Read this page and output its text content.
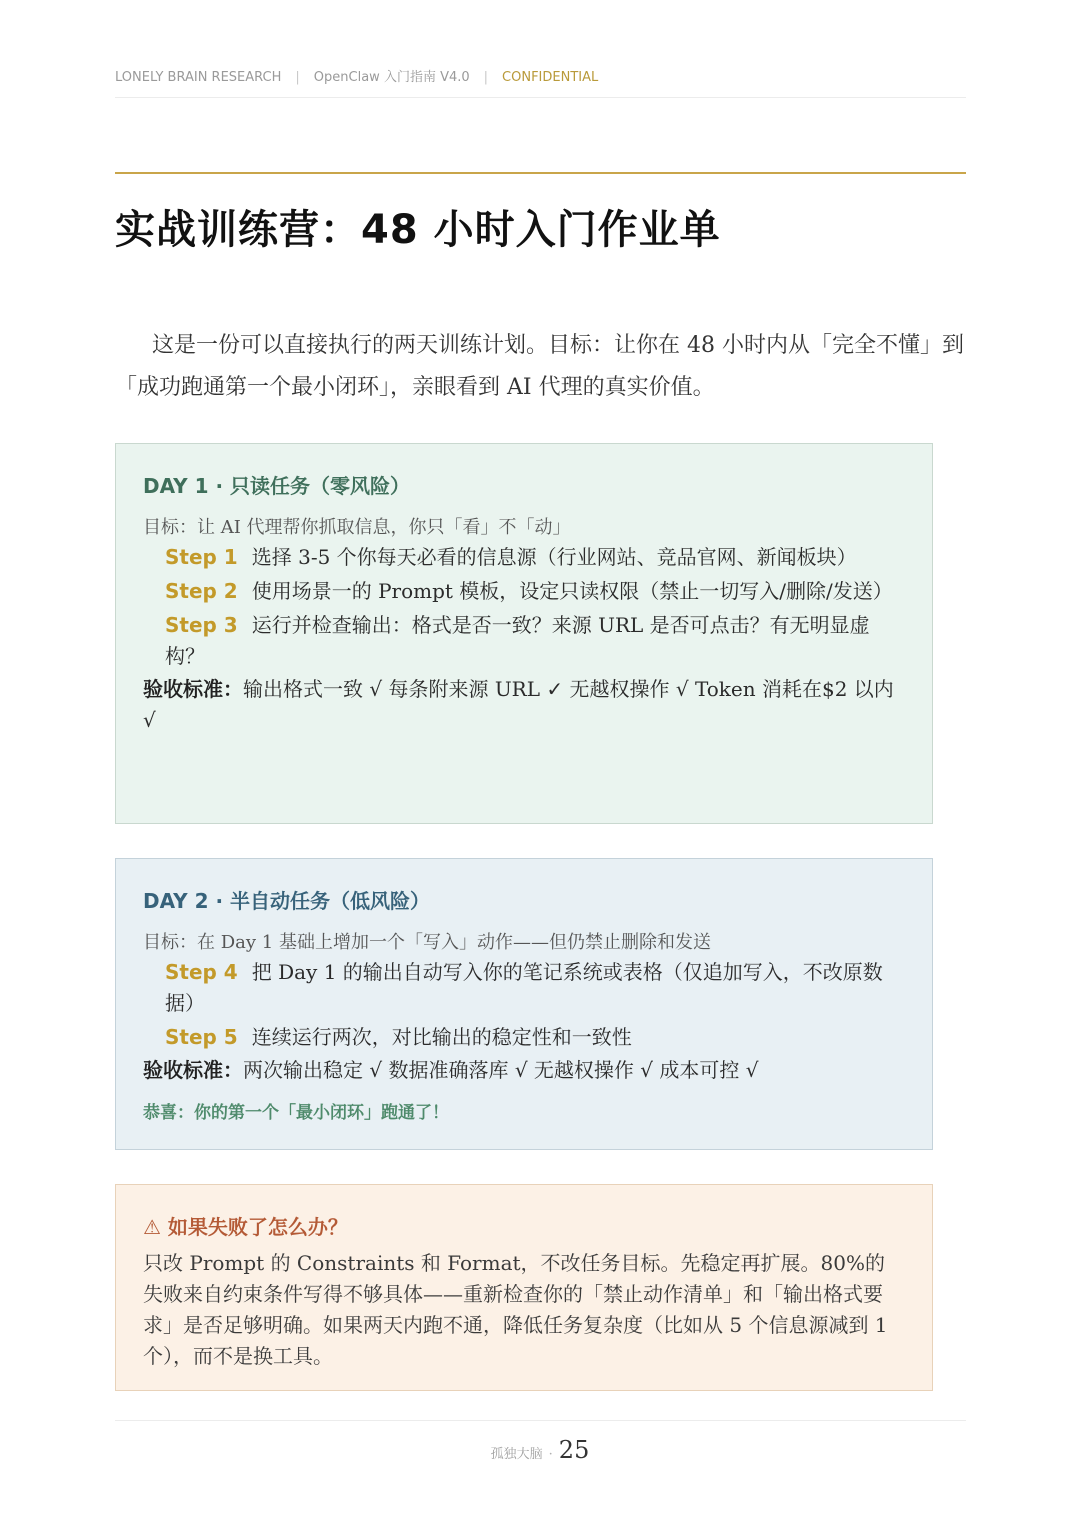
LONELY BRAIN RESEARCH | OpenClaw 入门指南 V4.0 | CONFIDENTIAL
实战训练营：48 小时入门作业单
这是一份可以直接执行的两天训练计划。目标：让你在 48 小时内从「完全不懂」到「成功跑通第一个最小闭环」，亲眼看到 AI 代理的真实价值。
DAY 1 · 只读任务（零风险）
目标：让 AI 代理帮你抓取信息，你只「看」不「动」
Step 1 选择 3-5 个你每天必看的信息源（行业网站、竞品官网、新闻板块）
Step 2 使用场景一的 Prompt 模板，设定只读权限（禁止一切写入/删除/发送）
Step 3 运行并检查输出：格式是否一致？来源 URL 是否可点击？有无明显虚构？
验收标准：输出格式一致 √ 每条附来源 URL ✓ 无越权操作 √ Token 消耗在$2 以内 √
DAY 2 · 半自动任务（低风险）
目标：在 Day 1 基础上增加一个「写入」动作——但仍禁止删除和发送
Step 4 把 Day 1 的输出自动写入你的笔记系统或表格（仅追加写入，不改原数据）
Step 5 连续运行两次，对比输出的稳定性和一致性
验收标准：两次输出稳定 √ 数据准确落库 √ 无越权操作 √ 成本可控 √
恭喜：你的第一个「最小闭环」跑通了！
⚠ 如果失败了怎么办？
只改 Prompt 的 Constraints 和 Format，不改任务目标。先稳定再扩展。80%的失败来自约束条件写得不够具体——重新检查你的「禁止动作清单」和「输出格式要求」是否足够明确。如果两天内跑不通，降低任务复杂度（比如从 5 个信息源减到 1 个），而不是换工具。
孤独大脑 · 25
